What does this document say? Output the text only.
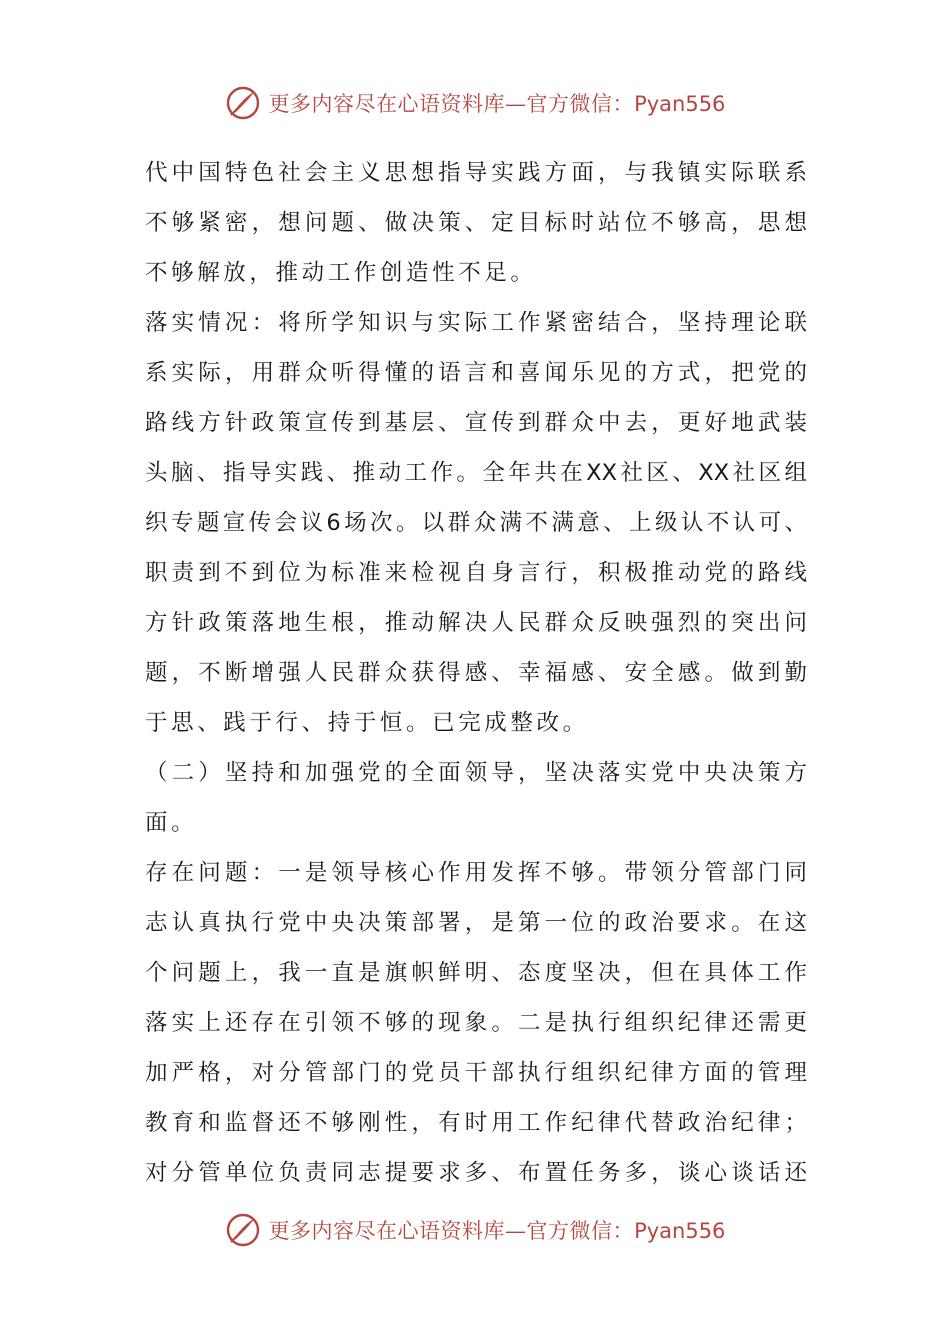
更多内容尽在心语资料库—官方微信：Pyan556
代中国特色社会主义思想指导实践方面，与我镇实际联系
不够紧密，想问题、做决策、定目标时站位不够高，思想
不够解放，推动工作创造性不足。
落实情况：将所学知识与实际工作紧密结合，坚持理论联
系实际，用群众听得懂的语言和喜闻乐见的方式，把党的
路线方针政策宣传到基层、宣传到群众中去，更好地武装
头脑、指导实践、推动工作。全年共在XX社区、XX社区组
织专题宣传会议6场次。以群众满不满意、上级认不认可、
职责到不到位为标准来检视自身言行，积极推动党的路线
方针政策落地生根，推动解决人民群众反映强烈的突出问
题，不断增强人民群众获得感、幸福感、安全感。做到勤
于思、践于行、持于恒。已完成整改。
（二）坚持和加强党的全面领导，坚决落实党中央决策方
面。
存在问题：一是领导核心作用发挥不够。带领分管部门同
志认真执行党中央决策部署，是第一位的政治要求。在这
个问题上，我一直是旗帜鲜明、态度坚决，但在具体工作
落实上还存在引领不够的现象。二是执行组织纪律还需更
加严格，对分管部门的党员干部执行组织纪律方面的管理
教育和监督还不够刚性，有时用工作纪律代替政治纪律；
对分管单位负责同志提要求多、布置任务多，谈心谈话还
更多内容尽在心语资料库—官方微信：Pyan556
